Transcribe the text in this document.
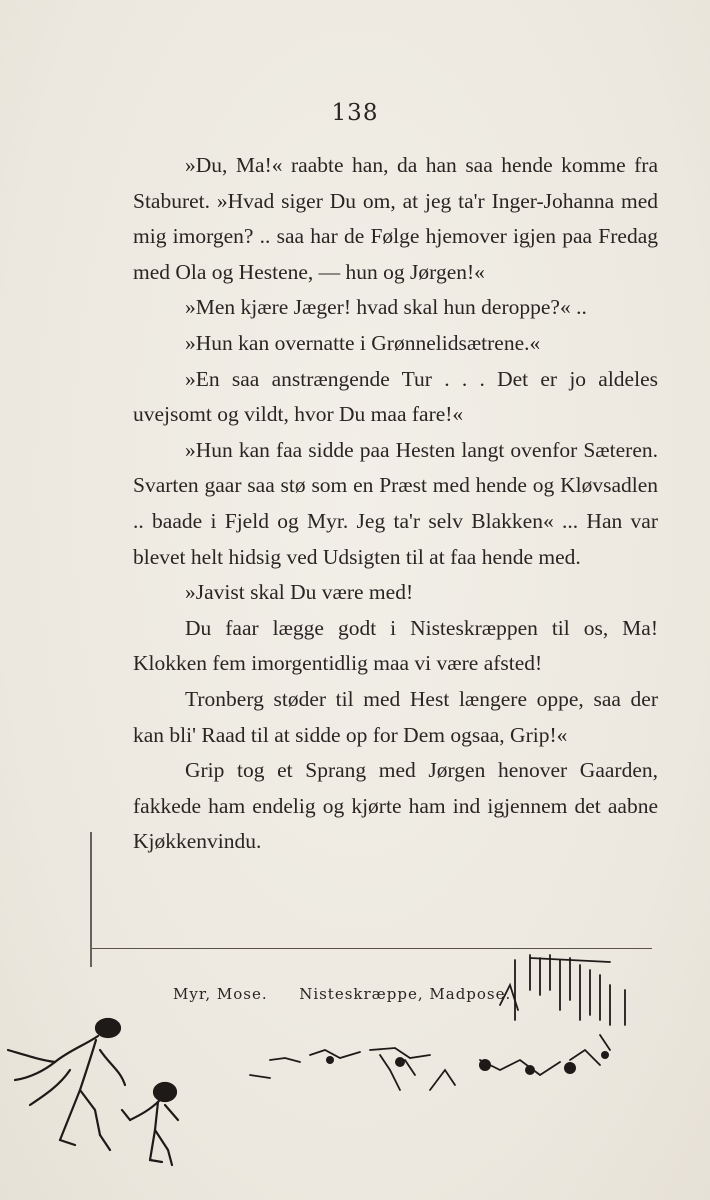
138

»Du, Ma!« raabte han, da han saa hende komme fra Staburet. »Hvad siger Du om, at jeg ta'r Inger-Johanna med mig imorgen? .. saa har de Følge hjemover igjen paa Fredag med Ola og Hestene, — hun og Jørgen!«

»Men kjære Jæger! hvad skal hun deroppe?« ..

»Hun kan overnatte i Grønnelidsætrene.«

»En saa anstrængende Tur . . . Det er jo aldeles uvejsomt og vildt, hvor Du maa fare!«

»Hun kan faa sidde paa Hesten langt ovenfor Sæteren. Svarten gaar saa stø som en Præst med hende og Kløvsadlen .. baade i Fjeld og Myr. Jeg ta'r selv Blakken« ... Han var blevet helt hidsig ved Udsigten til at faa hende med.

»Javist skal Du være med!

Du faar lægge godt i Nisteskræppen til os, Ma! Klokken fem imorgentidlig maa vi være afsted!

Tronberg støder til med Hest længere oppe, saa der kan bli' Raad til at sidde op for Dem ogsaa, Grip!«

Grip tog et Sprang med Jørgen henover Gaarden, fakkede ham endelig og kjørte ham ind igjennem det aabne Kjøkkenvindu.

Myr, Mose. Nisteskræppe, Madpose.
